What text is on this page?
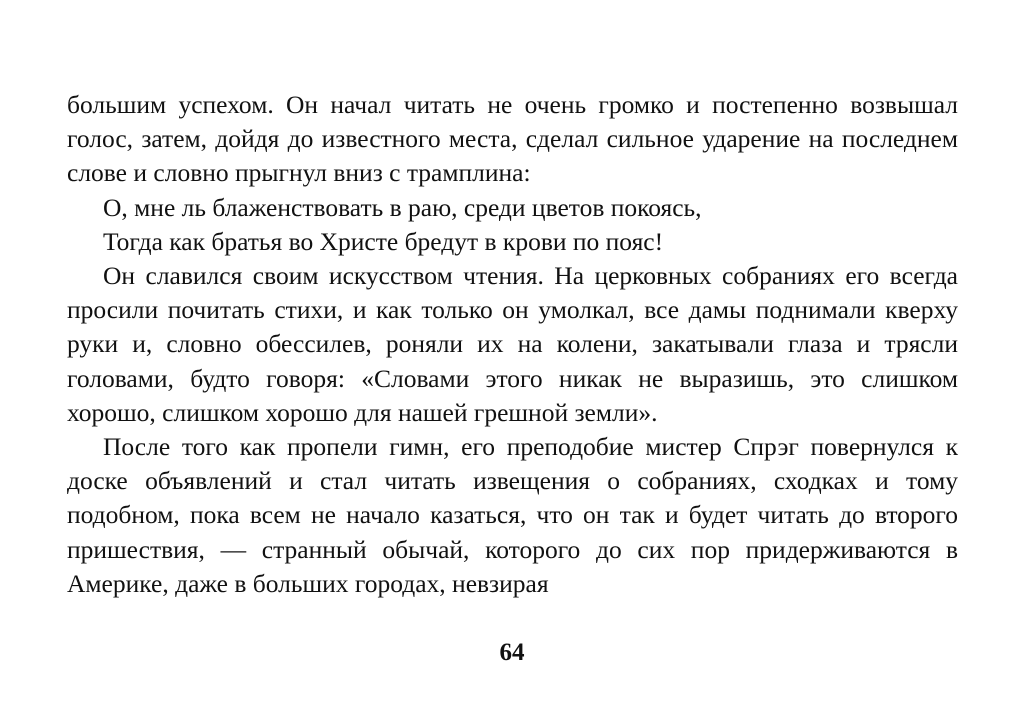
большим успехом. Он начал читать не очень громко и постепенно возвышал голос, затем, дойдя до известного места, сделал сильное ударение на последнем слове и словно прыгнул вниз с трамплина:

О, мне ль блаженствовать в раю, среди цветов покоясь,

Тогда как братья во Христе бредут в крови по пояс!

Он славился своим искусством чтения. На церковных собраниях его всегда просили почитать стихи, и как только он умолкал, все дамы поднимали кверху руки и, словно обессилев, роняли их на колени, закатывали глаза и трясли головами, будто говоря: «Словами этого никак не выразишь, это слишком хорошо, слишком хорошо для нашей грешной земли».

После того как пропели гимн, его преподобие мистер Спрэг повернулся к доске объявлений и стал читать извещения о собраниях, сходках и тому подобном, пока всем не начало казаться, что он так и будет читать до второго пришествия, — странный обычай, которого до сих пор придерживаются в Америке, даже в больших городах, невзирая

64
